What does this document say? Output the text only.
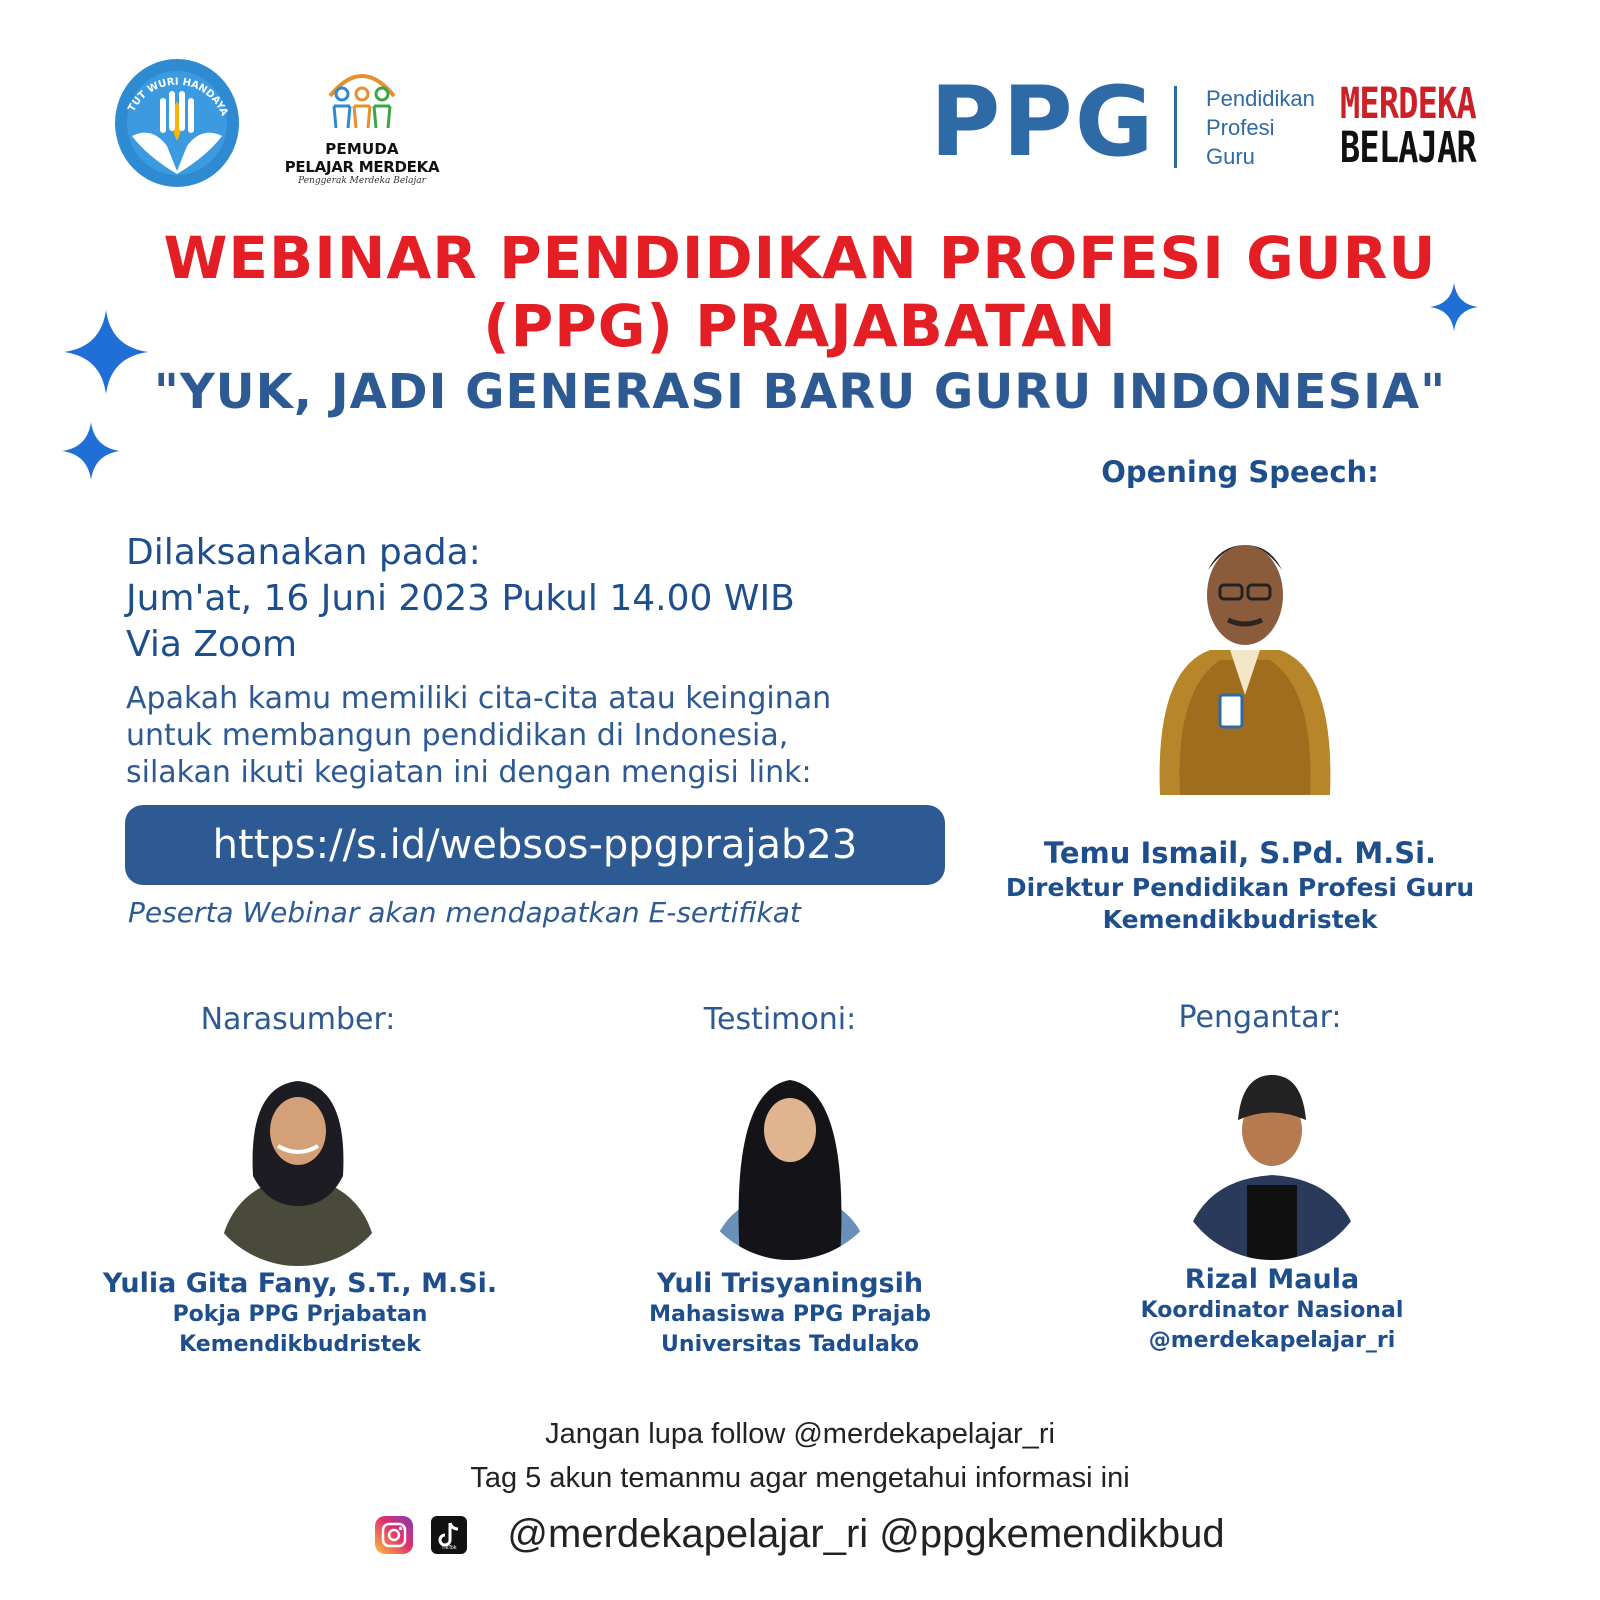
TUT WURI HANDAYA
PEMUDA
PELAJAR MERDEKA
Penggerak Merdeka Belajar
PPG Pendidikan
Profesi
Guru
MERDEKA
BELAJAR
WEBINAR PENDIDIKAN PROFESI GURU
(PPG) PRAJABATAN
"YUK, JADI GENERASI BARU GURU INDONESIA"
Dilaksanakan pada:
Jum'at, 16 Juni 2023 Pukul 14.00 WIB
Via Zoom
Apakah kamu memiliki cita-cita atau keinginan
untuk membangun pendidikan di Indonesia,
silakan ikuti kegiatan ini dengan mengisi link:
https://s.id/websos-ppgprajab23
Peserta Webinar akan mendapatkan E-sertifikat
Opening Speech:
Temu Ismail, S.Pd. M.Si.
Direktur Pendidikan Profesi Guru
Kemendikbudristek
Narasumber:
Yulia Gita Fany, S.T., M.Si.
Pokja PPG Prjabatan
Kemendikbudristek
Testimoni:
Yuli Trisyaningsih
Mahasiswa PPG Prajab
Universitas Tadulako
Pengantar:
Rizal Maula
Koordinator Nasional
@merdekapelajar_ri
Jangan lupa follow @merdekapelajar_ri
Tag 5 akun temanmu agar mengetahui informasi ini
TikTok @merdekapelajar_ri @ppgkemendikbud
